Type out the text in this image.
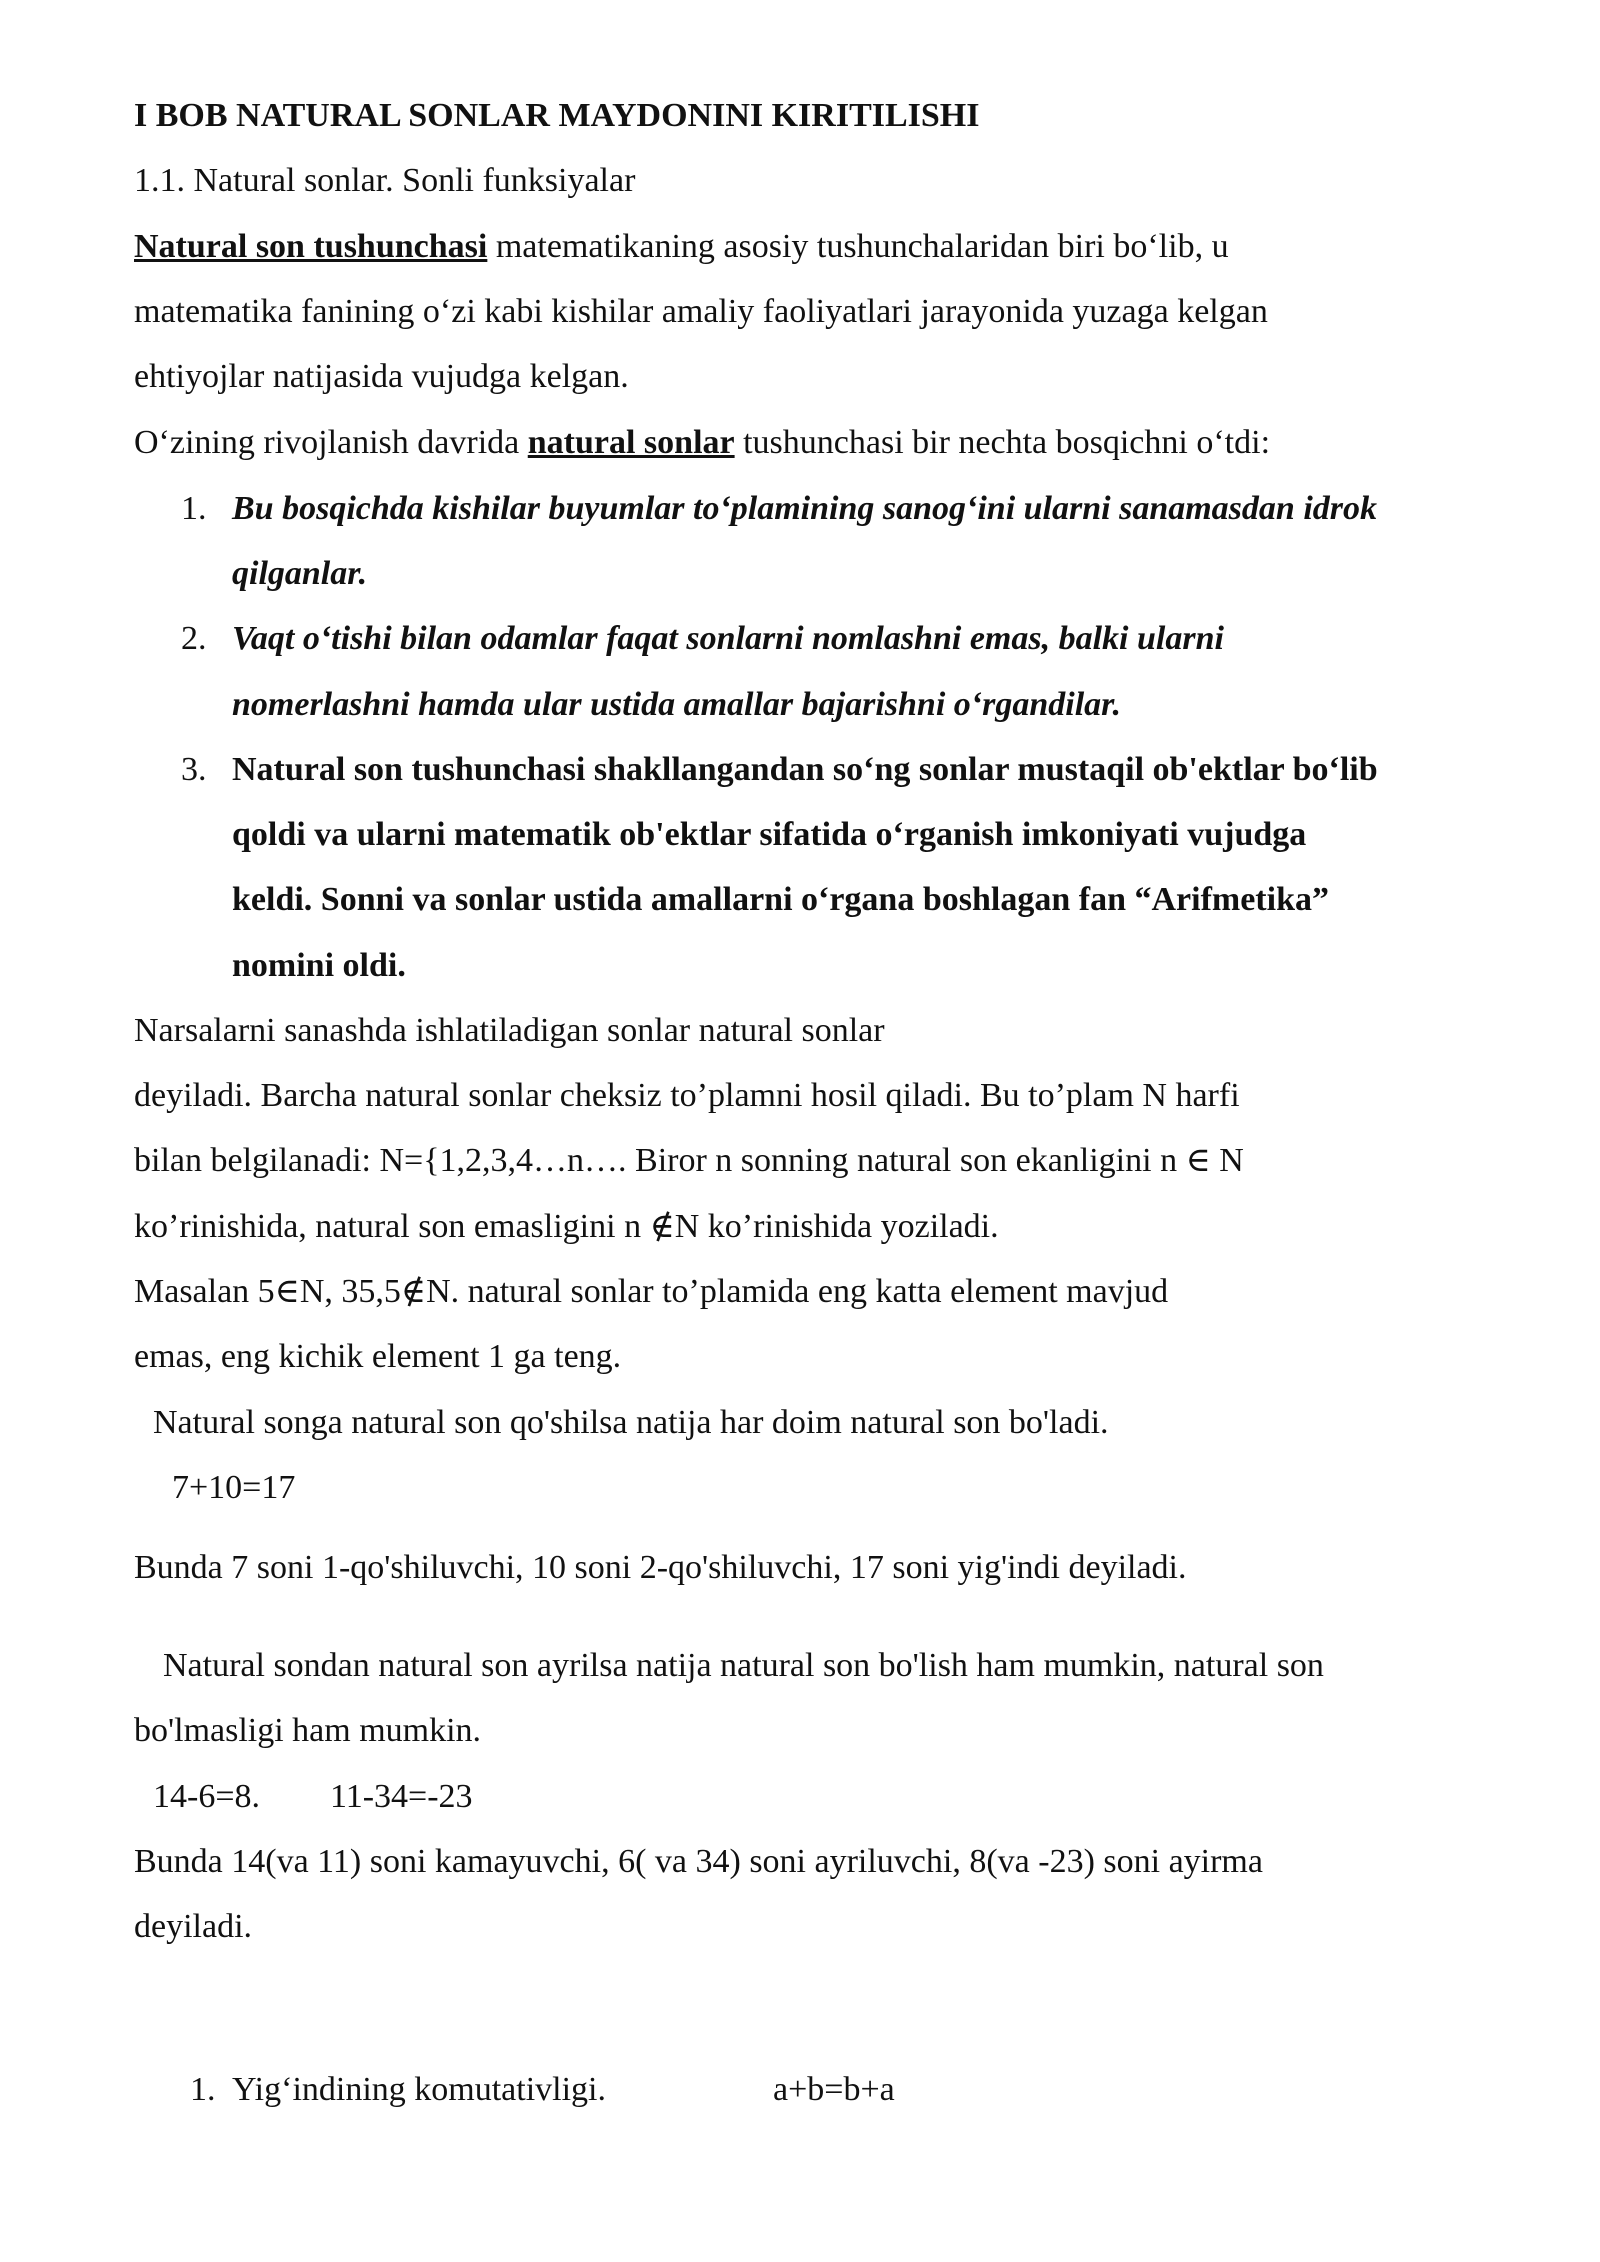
I BOB NATURAL SONLAR MAYDONINI KIRITILISHI
1.1. Natural sonlar. Sonli funksiyalar
Natural son tushunchasi matematikaning asosiy tushunchalaridan biri bo‘lib, u
matematika fanining o‘zi kabi kishilar amaliy faoliyatlari jarayonida yuzaga kelgan
ehtiyojlar natijasida vujudga kelgan.
O‘zining rivojlanish davrida natural sonlar tushunchasi bir nechta bosqichni o‘tdi:
1. Bu bosqichda kishilar buyumlar to‘plamining sanog‘ini ularni sanamasdan idrok
qilganlar.
2. Vaqt o‘tishi bilan odamlar faqat sonlarni nomlashni emas, balki ularni
nomerlashni hamda ular ustida amallar bajarishni o‘rgandilar.
3. Natural son tushunchasi shakllangandan so‘ng sonlar mustaqil ob'ektlar bo‘lib
qoldi va ularni matematik ob'ektlar sifatida o‘rganish imkoniyati vujudga
keldi. Sonni va sonlar ustida amallarni o‘rgana boshlagan fan “Arifmetika”
nomini oldi.
Narsalarni sanashda ishlatiladigan sonlar natural sonlar
deyiladi. Barcha natural sonlar cheksiz to’plamni hosil qiladi. Bu to’plam N harfi
bilan belgilanadi: N={1,2,3,4…n…. Biror n sonning natural son ekanligini n ∈ N
ko’rinishida, natural son emasligini n ∉N ko’rinishida yoziladi.
Masalan 5∈N, 35,5∉N. natural sonlar to’plamida eng katta element mavjud
emas, eng kichik element 1 ga teng.
Natural songa natural son qo'shilsa natija har doim natural son bo'ladi.
7+10=17
Bunda 7 soni 1-qo'shiluvchi, 10 soni 2-qo'shiluvchi, 17 soni yig'indi deyiladi.
Natural sondan natural son ayrilsa natija natural son bo'lish ham mumkin, natural son
bo'lmasligi ham mumkin.
14-6=8. 11-34=-23
Bunda 14(va 11) soni kamayuvchi, 6( va 34) soni ayriluvchi, 8(va -23) soni ayirma
deyiladi.
1. Yig‘indining komutativligi.	a+b=b+a
